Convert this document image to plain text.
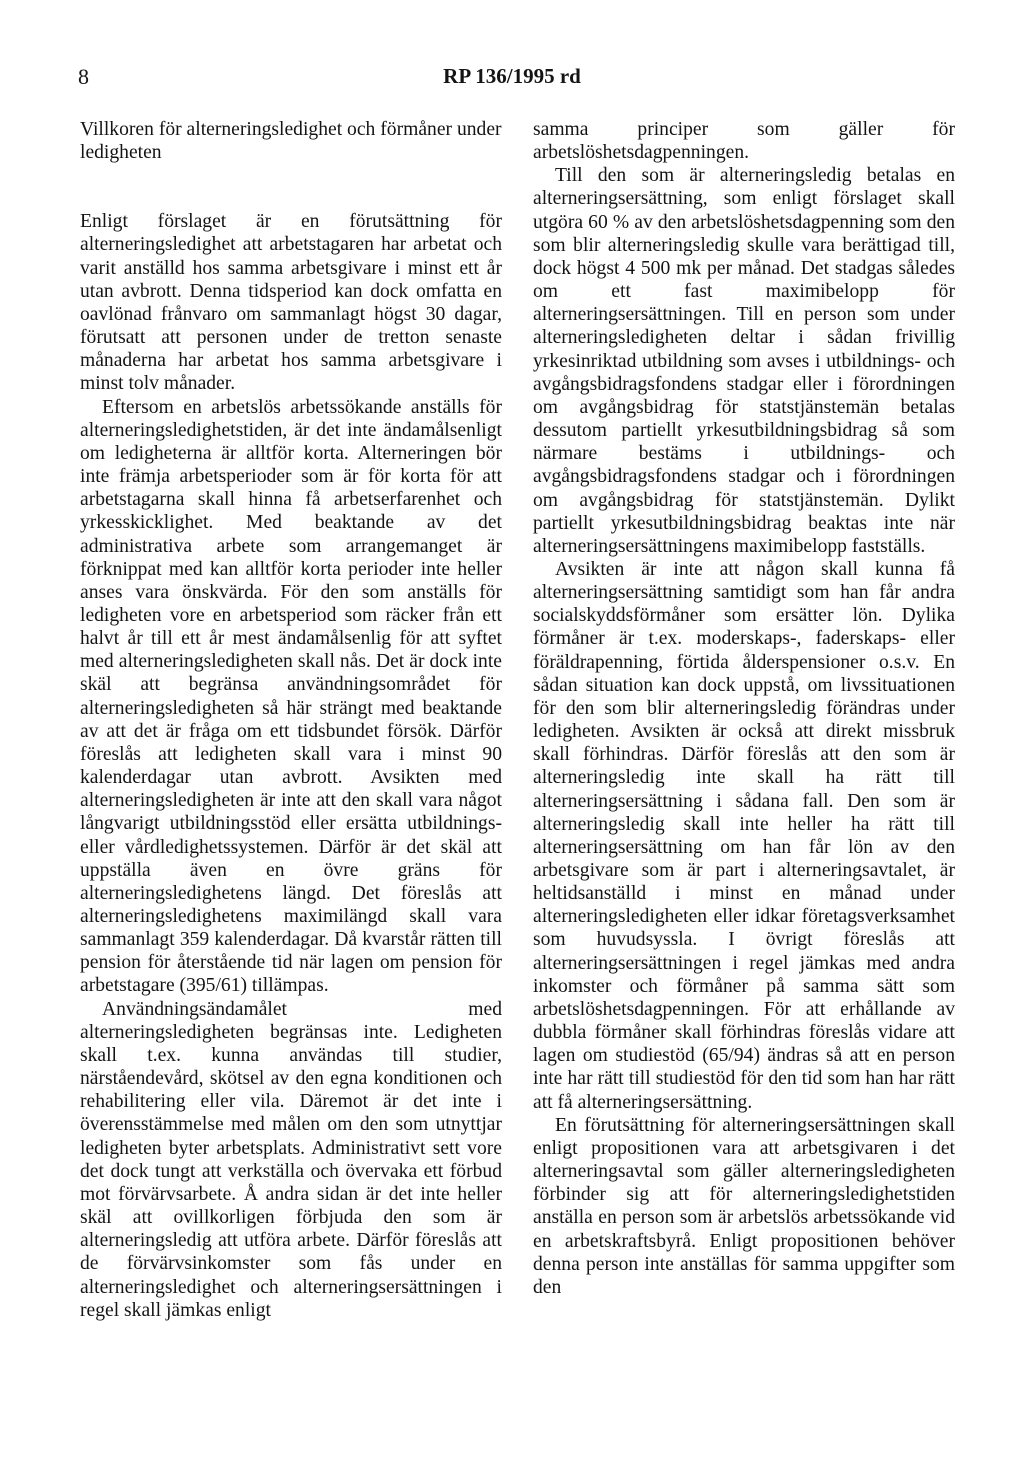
8	RP 136/1995 rd

Villkoren för alterneringsledighet och förmåner under ledigheten

Enligt förslaget är en förutsättning för alterneringsledighet att arbetstagaren har arbetat och varit anställd hos samma arbetsgivare i minst ett år utan avbrott. Denna tidsperiod kan dock omfatta en oavlönad frånvaro om sammanlagt högst 30 dagar, förutsatt att personen under de tretton senaste månaderna har arbetat hos samma arbetsgivare i minst tolv månader.

Eftersom en arbetslös arbetssökande anställs för alterneringsledighetstiden, är det inte ändamålsenligt om ledigheterna är alltför korta. Alterneringen bör inte främja arbetsperioder som är för korta för att arbetstagarna skall hinna få arbetserfarenhet och yrkesskicklighet. Med beaktande av det administrativa arbete som arrangemanget är förknippat med kan alltför korta perioder inte heller anses vara önskvärda. För den som anställs för ledigheten vore en arbetsperiod som räcker från ett halvt år till ett år mest ändamålsenlig för att syftet med alterneringsledigheten skall nås. Det är dock inte skäl att begränsa användningsområdet för alterneringsledigheten så här strängt med beaktande av att det är fråga om ett tidsbundet försök. Därför föreslås att ledigheten skall vara i minst 90 kalenderdagar utan avbrott. Avsikten med alterneringsledigheten är inte att den skall vara något långvarigt utbildningsstöd eller ersätta utbildnings- eller vårdledighetssystemen. Därför är det skäl att uppställa även en övre gräns för alterneringsledighetens längd. Det föreslås att alterneringsledighetens maximilängd skall vara sammanlagt 359 kalenderdagar. Då kvarstår rätten till pension för återstående tid när lagen om pension för arbetstagare (395/61) tillämpas.

Användningsändamålet med alterneringsledigheten begränsas inte. Ledigheten skall t.ex. kunna användas till studier, närståendevård, skötsel av den egna konditionen och rehabilitering eller vila. Däremot är det inte i överensstämmelse med målen om den som utnyttjar ledigheten byter arbetsplats. Administrativt sett vore det dock tungt att verkställa och övervaka ett förbud mot förvärvsarbete. Å andra sidan är det inte heller skäl att ovillkorligen förbjuda den som är alterneringsledig att utföra arbete. Därför föreslås att de förvärvsinkomster som fås under en alterneringsledighet och alterneringsersättningen i regel skall jämkas enligt

samma principer som gäller för arbetslöshetsdagpenningen.

Till den som är alterneringsledig betalas en alterneringsersättning, som enligt förslaget skall utgöra 60 % av den arbetslöshetsdagpenning som den som blir alterneringsledig skulle vara berättigad till, dock högst 4 500 mk per månad. Det stadgas således om ett fast maximibelopp för alterneringsersättningen. Till en person som under alterneringsledigheten deltar i sådan frivillig yrkesinriktad utbildning som avses i utbildnings- och avgångsbidragsfondens stadgar eller i förordningen om avgångsbidrag för statstjänstemän betalas dessutom partiellt yrkesutbildningsbidrag så som närmare bestäms i utbildnings- och avgångsbidragsfondens stadgar och i förordningen om avgångsbidrag för statstjänstemän. Dylikt partiellt yrkesutbildningsbidrag beaktas inte när alterneringsersättningens maximibelopp fastställs.

Avsikten är inte att någon skall kunna få alterneringsersättning samtidigt som han får andra socialskyddsförmåner som ersätter lön. Dylika förmåner är t.ex. moderskaps-, faderskaps- eller föräldrapenning, förtida ålderspensioner o.s.v. En sådan situation kan dock uppstå, om livssituationen för den som blir alterneringsledig förändras under ledigheten. Avsikten är också att direkt missbruk skall förhindras. Därför föreslås att den som är alterneringsledig inte skall ha rätt till alterneringsersättning i sådana fall. Den som är alterneringsledig skall inte heller ha rätt till alterneringsersättning om han får lön av den arbetsgivare som är part i alterneringsavtalet, är heltidsanställd i minst en månad under alterneringsledigheten eller idkar företagsverksamhet som huvudsyssla. I övrigt föreslås att alterneringsersättningen i regel jämkas med andra inkomster och förmåner på samma sätt som arbetslöshetsdagpenningen. För att erhållande av dubbla förmåner skall förhindras föreslås vidare att lagen om studiestöd (65/94) ändras så att en person inte har rätt till studiestöd för den tid som han har rätt att få alterneringsersättning.

En förutsättning för alterneringsersättningen skall enligt propositionen vara att arbetsgivaren i det alterneringsavtal som gäller alterneringsledigheten förbinder sig att för alterneringsledighetstiden anställa en person som är arbetslös arbetssökande vid en arbetskraftsbyrå. Enligt propositionen behöver denna person inte anställas för samma uppgifter som den
